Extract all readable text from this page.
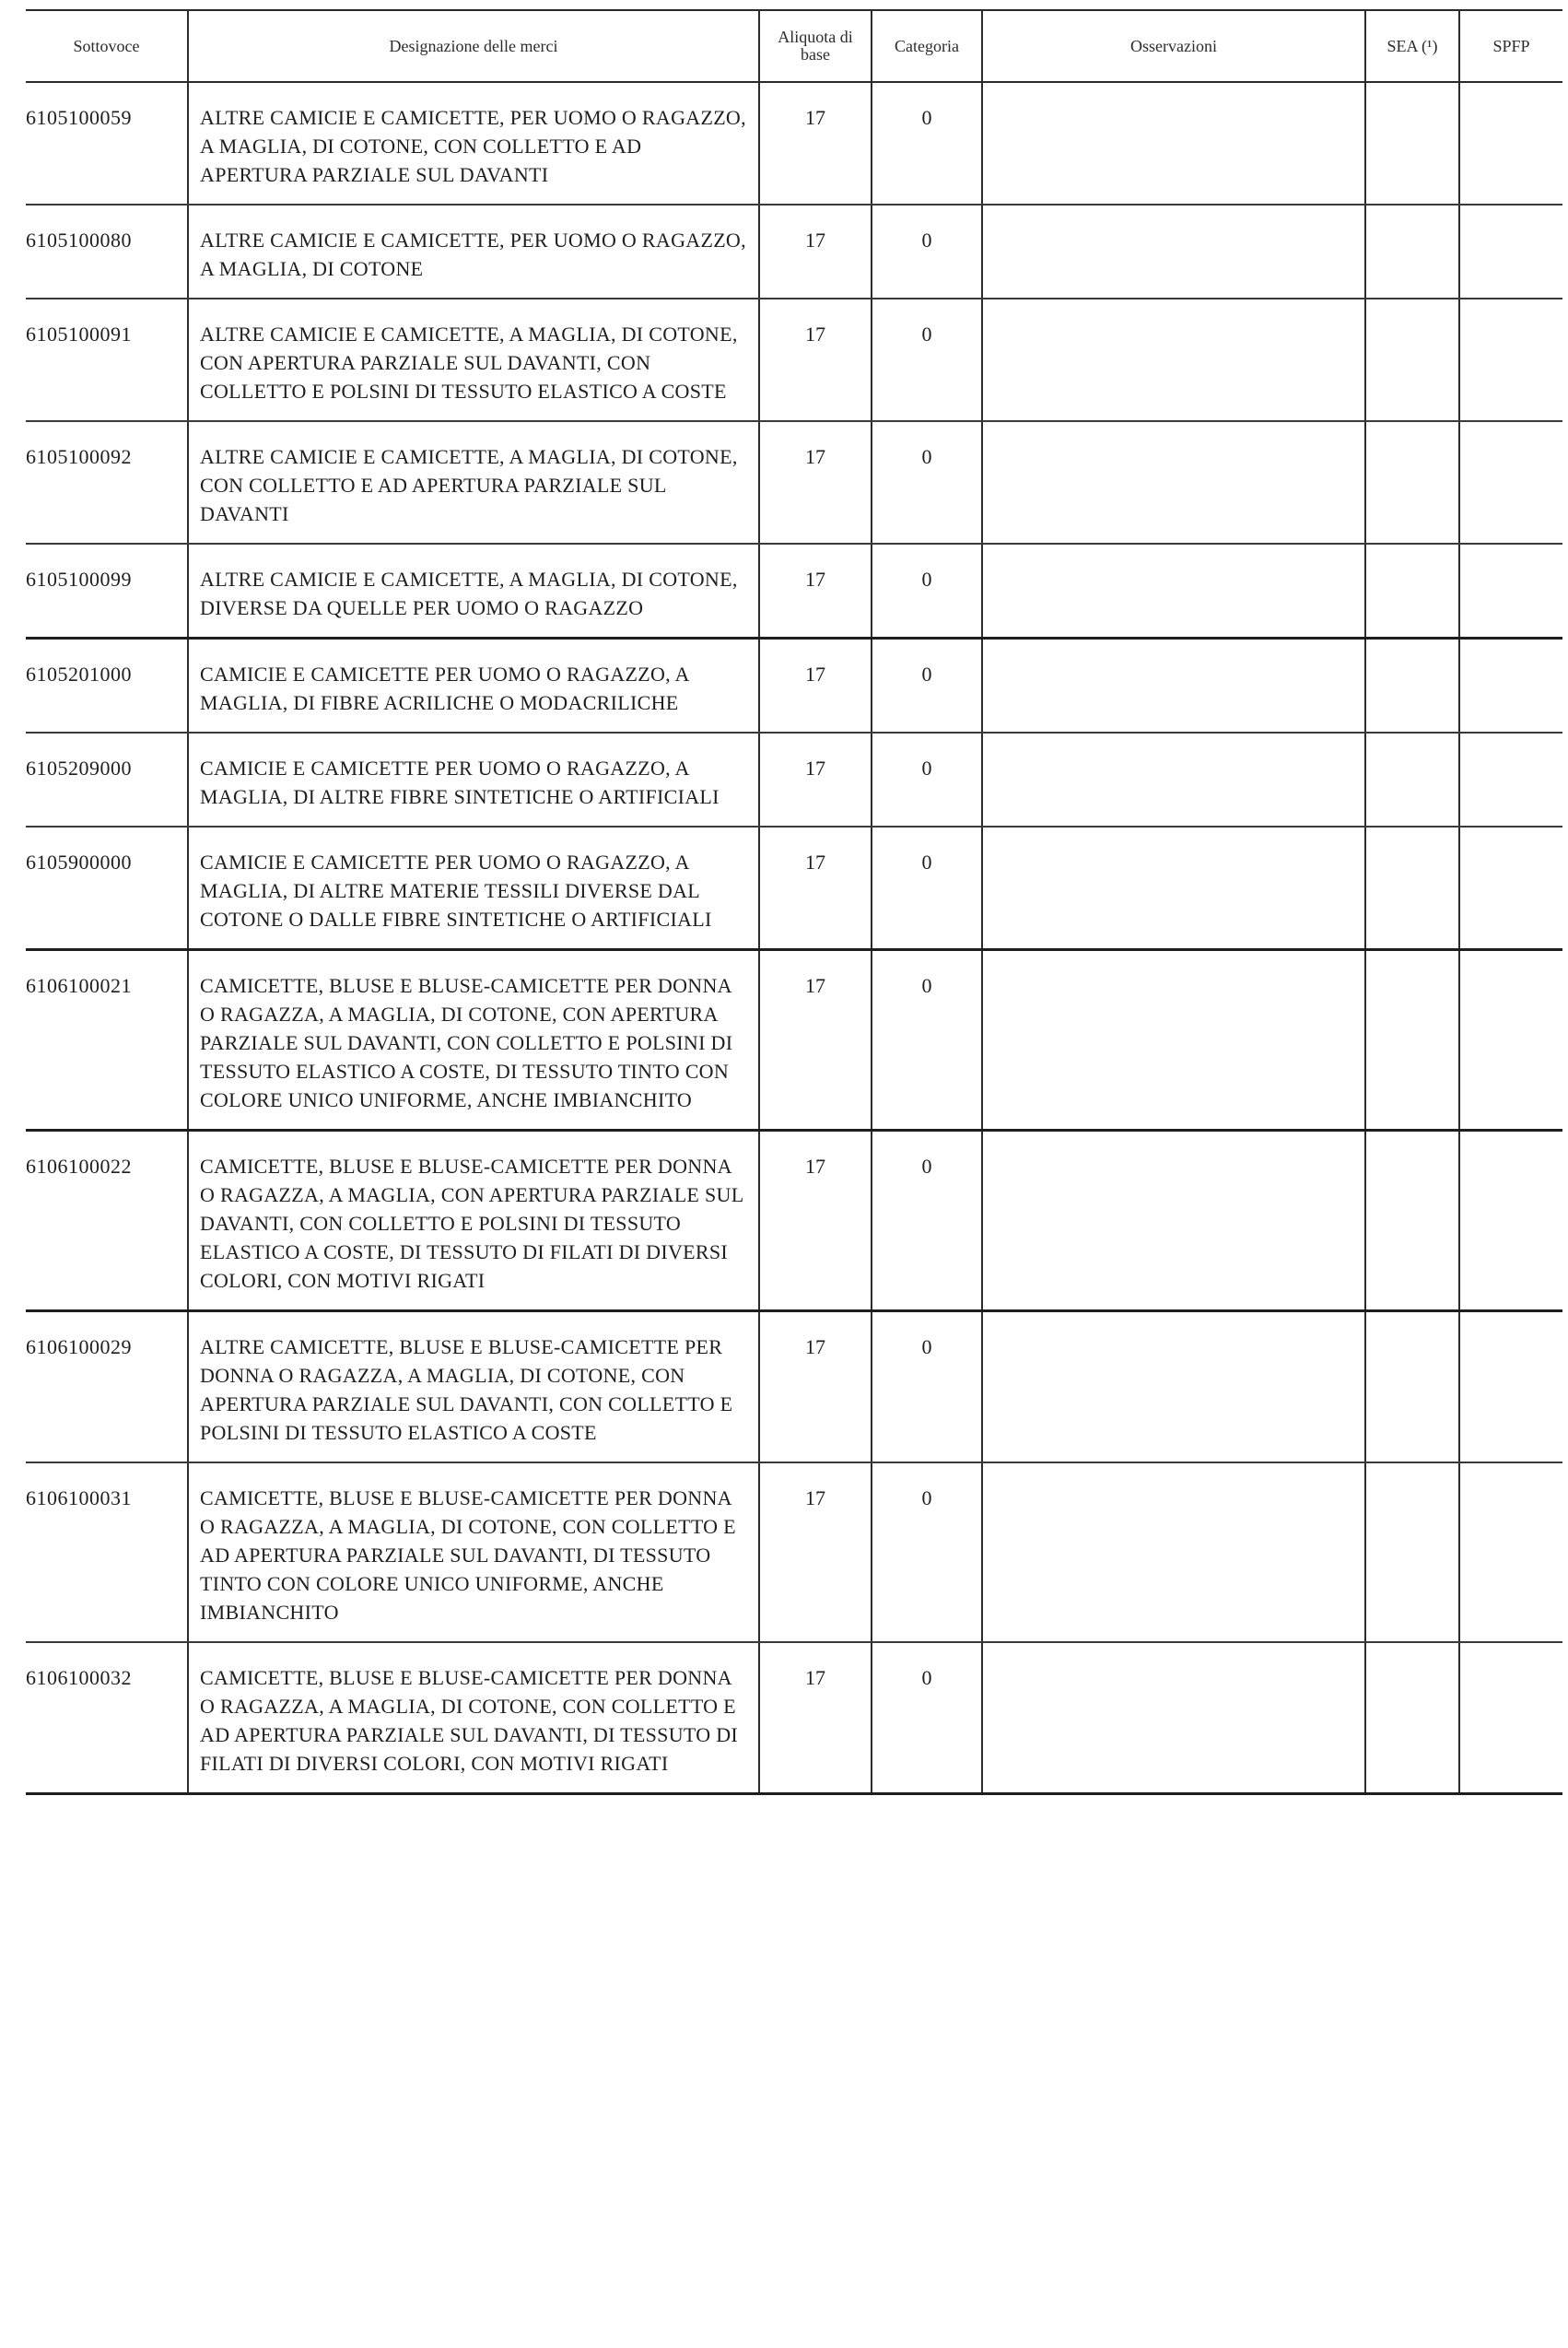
Sottovoce	Designazione delle merci	Aliquota di base	Categoria	Osservazioni	SEA (¹)	SPFP
6105100059	ALTRE CAMICIE E CAMICETTE, PER UOMO O RAGAZZO, A MAGLIA, DI COTONE, CON COLLETTO E AD APERTURA PARZIALE SUL DAVANTI	17	0			
6105100080	ALTRE CAMICIE E CAMICETTE, PER UOMO O RAGAZZO, A MAGLIA, DI COTONE	17	0			
6105100091	ALTRE CAMICIE E CAMICETTE, A MAGLIA, DI COTONE, CON APERTURA PARZIALE SUL DAVANTI, CON COLLETTO E POLSINI DI TESSUTO ELASTICO A COSTE	17	0			
6105100092	ALTRE CAMICIE E CAMICETTE, A MAGLIA, DI COTONE, CON COLLETTO E AD APERTURA PARZIALE SUL DAVANTI	17	0			
6105100099	ALTRE CAMICIE E CAMICETTE, A MAGLIA, DI COTONE, DIVERSE DA QUELLE PER UOMO O RAGAZZO	17	0			
6105201000	CAMICIE E CAMICETTE PER UOMO O RAGAZZO, A MAGLIA, DI FIBRE ACRILICHE O MODACRILICHE	17	0			
6105209000	CAMICIE E CAMICETTE PER UOMO O RAGAZZO, A MAGLIA, DI ALTRE FIBRE SINTETICHE O ARTIFICIALI	17	0			
6105900000	CAMICIE E CAMICETTE PER UOMO O RAGAZZO, A MAGLIA, DI ALTRE MATERIE TESSILI DIVERSE DAL COTONE O DALLE FIBRE SINTETICHE O ARTIFICIALI	17	0			
6106100021	CAMICETTE, BLUSE E BLUSE-CAMICETTE PER DONNA O RAGAZZA, A MAGLIA, DI COTONE, CON APERTURA PARZIALE SUL DAVANTI, CON COLLETTO E POLSINI DI TESSUTO ELASTICO A COSTE, DI TESSUTO TINTO CON COLORE UNICO UNIFORME, ANCHE IMBIANCHITO	17	0			
6106100022	CAMICETTE, BLUSE E BLUSE-CAMICETTE PER DONNA O RAGAZZA, A MAGLIA, CON APERTURA PARZIALE SUL DAVANTI, CON COLLETTO E POLSINI DI TESSUTO ELASTICO A COSTE, DI TESSUTO DI FILATI DI DIVERSI COLORI, CON MOTIVI RIGATI	17	0			
6106100029	ALTRE CAMICETTE, BLUSE E BLUSE-CAMICETTE PER DONNA O RAGAZZA, A MAGLIA, DI COTONE, CON APERTURA PARZIALE SUL DAVANTI, CON COLLETTO E POLSINI DI TESSUTO ELASTICO A COSTE	17	0			
6106100031	CAMICETTE, BLUSE E BLUSE-CAMICETTE PER DONNA O RAGAZZA, A MAGLIA, DI COTONE, CON COLLETTO E AD APERTURA PARZIALE SUL DAVANTI, DI TESSUTO TINTO CON COLORE UNICO UNIFORME, ANCHE IMBIANCHITO	17	0			
6106100032	CAMICETTE, BLUSE E BLUSE-CAMICETTE PER DONNA O RAGAZZA, A MAGLIA, DI COTONE, CON COLLETTO E AD APERTURA PARZIALE SUL DAVANTI, DI TESSUTO DI FILATI DI DIVERSI COLORI, CON MOTIVI RIGATI	17	0			
